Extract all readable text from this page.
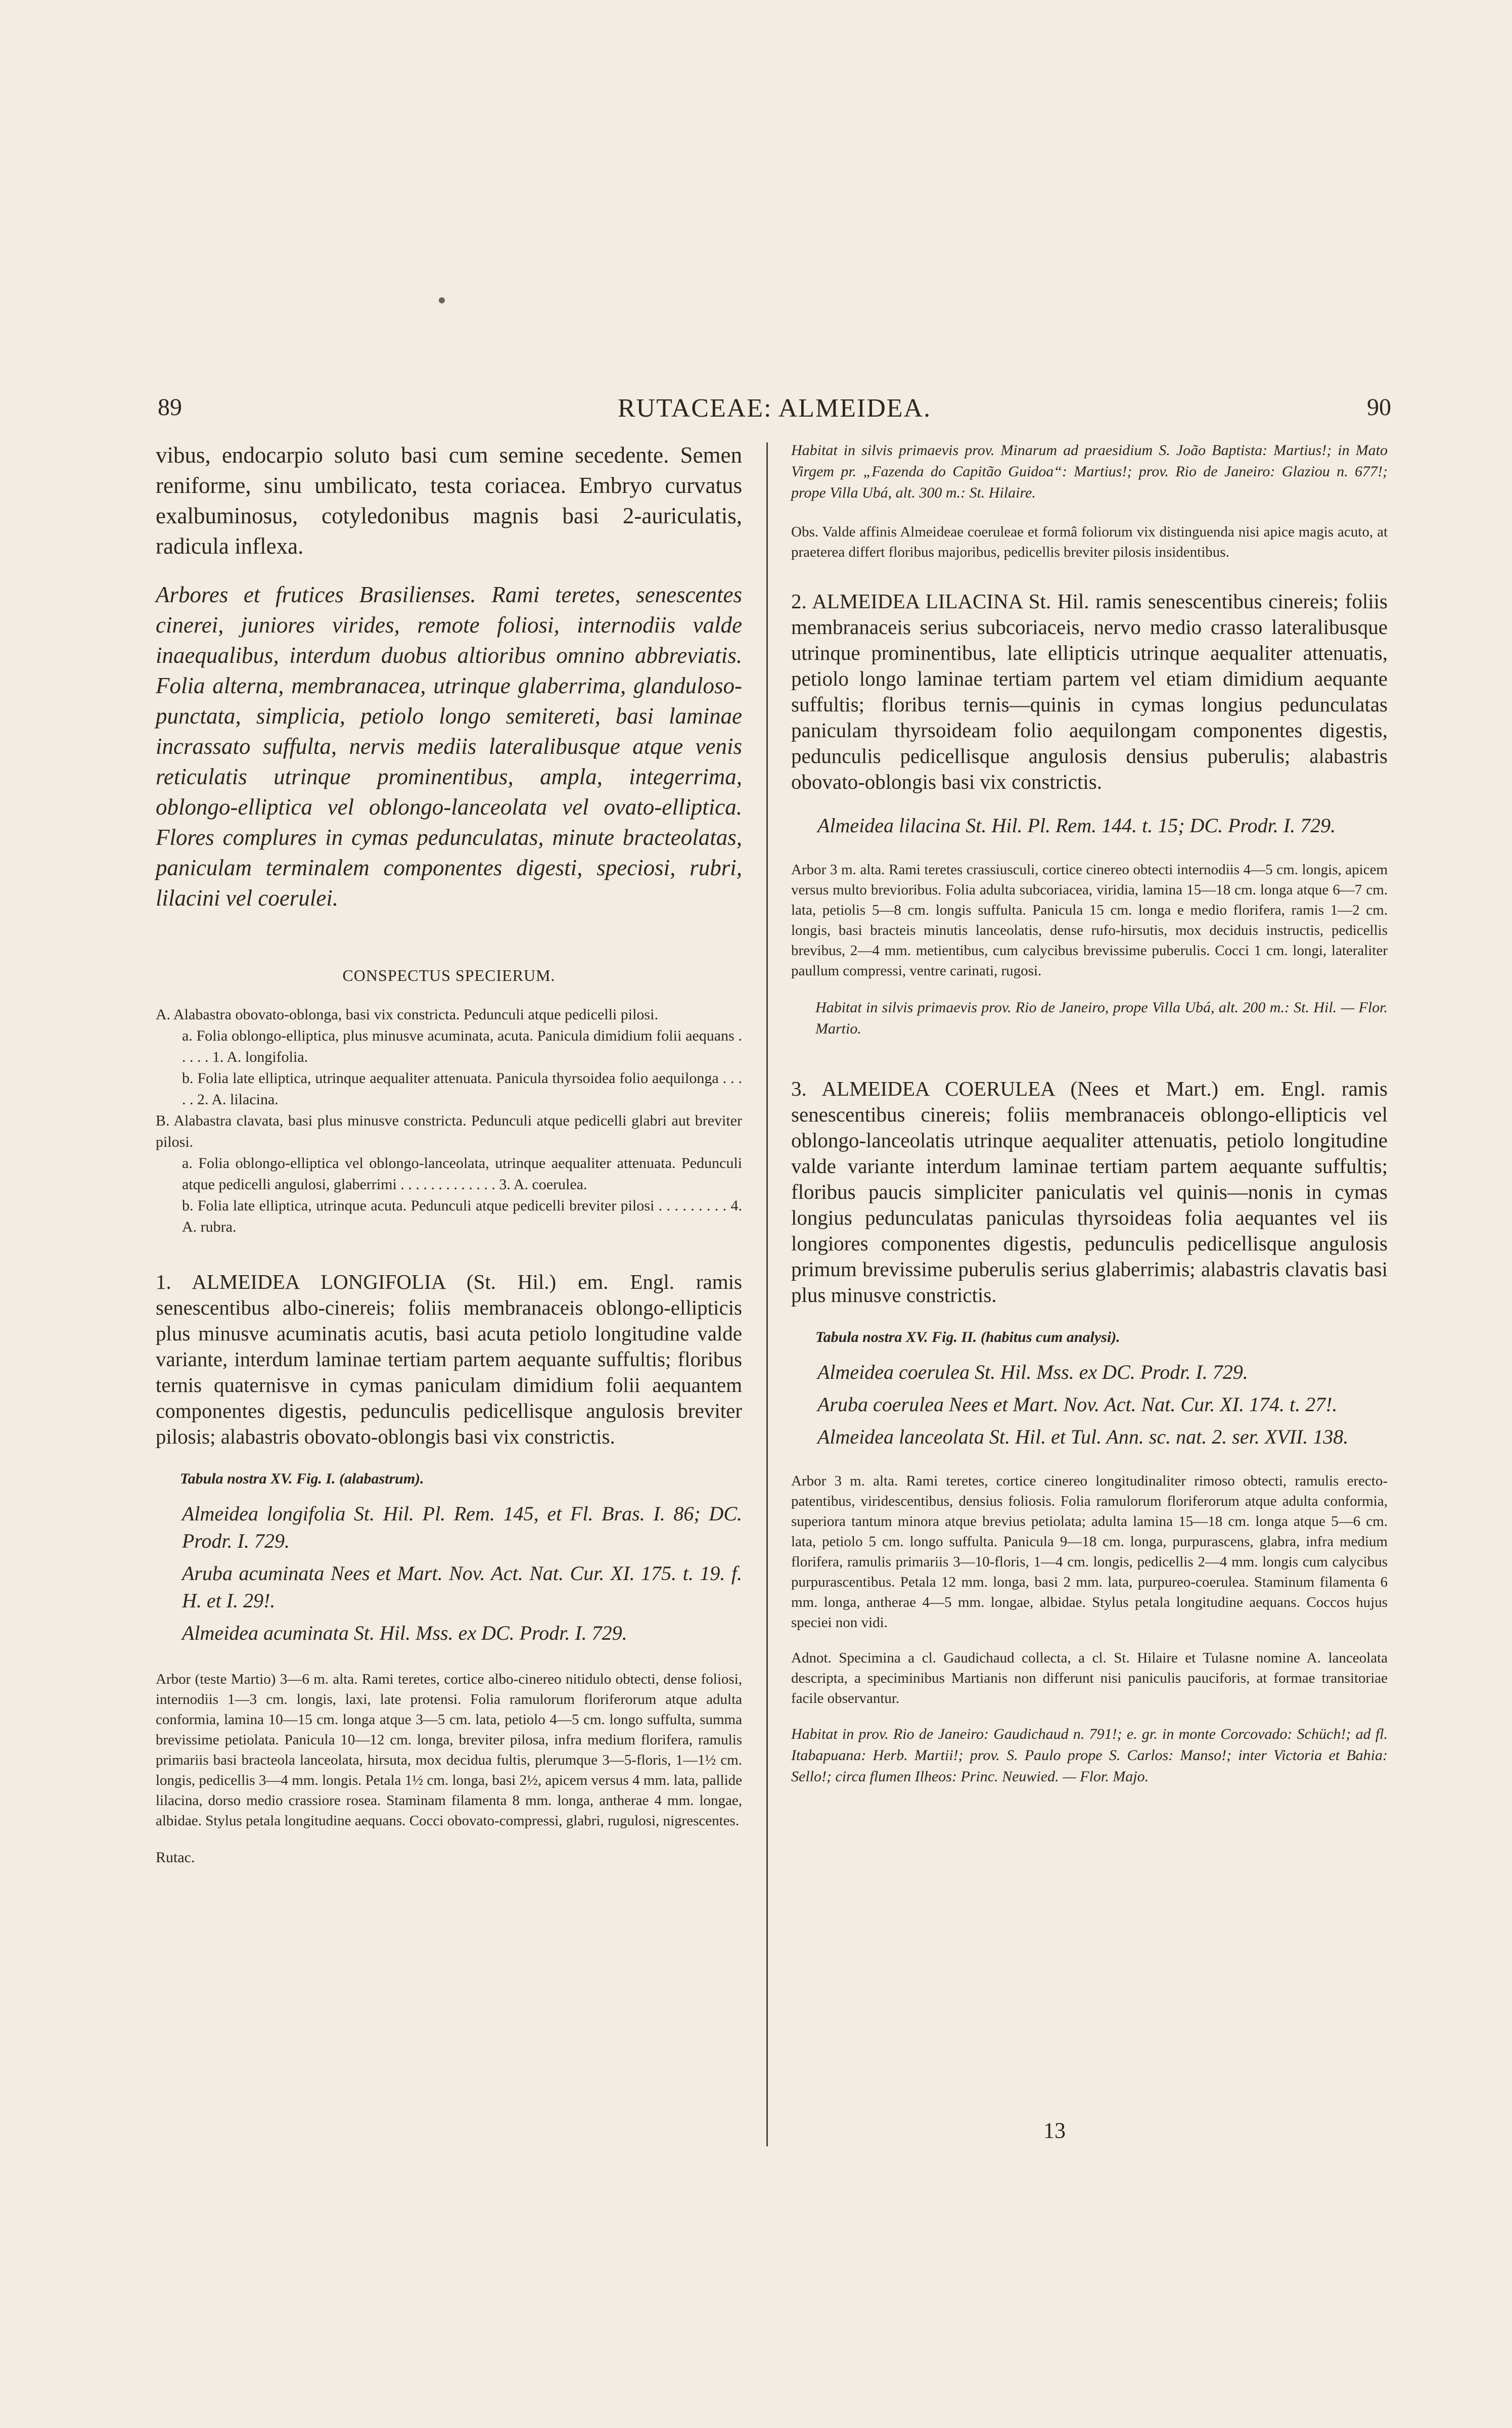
89	RUTACEAE: ALMEIDEA.	90

vibus, endocarpio soluto basi cum semine secedente. Semen reniforme, sinu umbilicato, testa coriacea. Embryo curvatus exalbuminosus, cotyledonibus magnis basi 2-auriculatis, radicula inflexa.

Arbores et frutices Brasilienses. Rami teretes, senescentes cinerei, juniores virides, remote foliosi, internodiis valde inaequalibus, interdum duobus altioribus omnino abbreviatis. Folia alterna, membranacea, utrinque glaberrima, glanduloso-punctata, simplicia, petiolo longo semitereti, basi laminae incrassato suffulta, nervis mediis lateralibusque atque venis reticulatis utrinque prominentibus, ampla, integerrima, oblongo-elliptica vel oblongo-lanceolata vel ovato-elliptica. Flores complures in cymas pedunculatas, minute bracteolatas, paniculam terminalem componentes digesti, speciosi, rubri, lilacini vel coerulei.

CONSPECTUS SPECIERUM.

A. Alabastra obovato-oblonga, basi vix constricta. Pedunculi atque pedicelli pilosi.

a. Folia oblongo-elliptica, plus minusve acuminata, acuta. Panicula dimidium folii aequans . . . . . 1. A. longifolia.

b. Folia late elliptica, utrinque aequaliter attenuata. Panicula thyrsoidea folio aequilonga . . . . . 2. A. lilacina.

B. Alabastra clavata, basi plus minusve constricta. Pedunculi atque pedicelli glabri aut breviter pilosi.

a. Folia oblongo-elliptica vel oblongo-lanceolata, utrinque aequaliter attenuata. Pedunculi atque pedicelli angulosi, glaberrimi . . . . . . . . . . . . . 3. A. coerulea.

b. Folia late elliptica, utrinque acuta. Pedunculi atque pedicelli breviter pilosi . . . . . . . . . 4. A. rubra.

1. ALMEIDEA LONGIFOLIA (St. Hil.) em. Engl. ramis senescentibus albo-cinereis; foliis membranaceis oblongo-ellipticis plus minusve acuminatis acutis, basi acuta petiolo longitudine valde variante, interdum laminae tertiam partem aequante suffultis; floribus ternis quaternisve in cymas paniculam dimidium folii aequantem componentes digestis, pedunculis pedicellisque angulosis breviter pilosis; alabastris obovato-oblongis basi vix constrictis.

Tabula nostra XV. Fig. I. (alabastrum).

Almeidea longifolia St. Hil. Pl. Rem. 145, et Fl. Bras. I. 86; DC. Prodr. I. 729.

Aruba acuminata Nees et Mart. Nov. Act. Nat. Cur. XI. 175. t. 19. f. H. et I. 29!.

Almeidea acuminata St. Hil. Mss. ex DC. Prodr. I. 729.

Arbor (teste Martio) 3—6 m. alta. Rami teretes, cortice albo-cinereo nitidulo obtecti, dense foliosi, internodiis 1—3 cm. longis, laxi, late protensi. Folia ramulorum floriferorum atque adulta conformia, lamina 10—15 cm. longa atque 3—5 cm. lata, petiolo 4—5 cm. longo suffulta, summa brevissime petiolata. Panicula 10—12 cm. longa, breviter pilosa, infra medium florifera, ramulis primariis basi bracteola lanceolata, hirsuta, mox decidua fultis, plerumque 3—5-floris, 1—1½ cm. longis, pedicellis 3—4 mm. longis. Petala 1½ cm. longa, basi 2½, apicem versus 4 mm. lata, pallide lilacina, dorso medio crassiore rosea. Staminam filamenta 8 mm. longa, antherae 4 mm. longae, albidae. Stylus petala longitudine aequans. Cocci obovato-compressi, glabri, rugulosi, nigrescentes.

Rutac.

Habitat in silvis primaevis prov. Minarum ad praesidium S. João Baptista: Martius!; in Mato Virgem pr. „Fazenda do Capitão Guidoa“: Martius!; prov. Rio de Janeiro: Glaziou n. 677!; prope Villa Ubá, alt. 300 m.: St. Hilaire.

Obs. Valde affinis Almeideae coeruleae et formâ foliorum vix distinguenda nisi apice magis acuto, at praeterea differt floribus majoribus, pedicellis breviter pilosis insidentibus.

2. ALMEIDEA LILACINA St. Hil. ramis senescentibus cinereis; foliis membranaceis serius subcoriaceis, nervo medio crasso lateralibusque utrinque prominentibus, late ellipticis utrinque aequaliter attenuatis, petiolo longo laminae tertiam partem vel etiam dimidium aequante suffultis; floribus ternis—quinis in cymas longius pedunculatas paniculam thyrsoideam folio aequilongam componentes digestis, pedunculis pedicellisque angulosis densius puberulis; alabastris obovato-oblongis basi vix constrictis.

Almeidea lilacina St. Hil. Pl. Rem. 144. t. 15; DC. Prodr. I. 729.

Arbor 3 m. alta. Rami teretes crassiusculi, cortice cinereo obtecti internodiis 4—5 cm. longis, apicem versus multo brevioribus. Folia adulta subcoriacea, viridia, lamina 15—18 cm. longa atque 6—7 cm. lata, petiolis 5—8 cm. longis suffulta. Panicula 15 cm. longa e medio florifera, ramis 1—2 cm. longis, basi bracteis minutis lanceolatis, dense rufo-hirsutis, mox deciduis instructis, pedicellis brevibus, 2—4 mm. metientibus, cum calycibus brevissime puberulis. Cocci 1 cm. longi, lateraliter paullum compressi, ventre carinati, rugosi.

Habitat in silvis primaevis prov. Rio de Janeiro, prope Villa Ubá, alt. 200 m.: St. Hil. — Flor. Martio.

3. ALMEIDEA COERULEA (Nees et Mart.) em. Engl. ramis senescentibus cinereis; foliis membranaceis oblongo-ellipticis vel oblongo-lanceolatis utrinque aequaliter attenuatis, petiolo longitudine valde variante interdum laminae tertiam partem aequante suffultis; floribus paucis simpliciter paniculatis vel quinis—nonis in cymas longius pedunculatas paniculas thyrsoideas folia aequantes vel iis longiores componentes digestis, pedunculis pedicellisque angulosis primum brevissime puberulis serius glaberrimis; alabastris clavatis basi plus minusve constrictis.

Tabula nostra XV. Fig. II. (habitus cum analysi).

Almeidea coerulea St. Hil. Mss. ex DC. Prodr. I. 729.

Aruba coerulea Nees et Mart. Nov. Act. Nat. Cur. XI. 174. t. 27!.

Almeidea lanceolata St. Hil. et Tul. Ann. sc. nat. 2. ser. XVII. 138.

Arbor 3 m. alta. Rami teretes, cortice cinereo longitudinaliter rimoso obtecti, ramulis erecto-patentibus, viridescentibus, densius foliosis. Folia ramulorum floriferorum atque adulta conformia, superiora tantum minora atque brevius petiolata; adulta lamina 15—18 cm. longa atque 5—6 cm. lata, petiolo 5 cm. longo suffulta. Panicula 9—18 cm. longa, purpurascens, glabra, infra medium florifera, ramulis primariis 3—10-floris, 1—4 cm. longis, pedicellis 2—4 mm. longis cum calycibus purpurascentibus. Petala 12 mm. longa, basi 2 mm. lata, purpureo-coerulea. Staminum filamenta 6 mm. longa, antherae 4—5 mm. longae, albidae. Stylus petala longitudine aequans. Coccos hujus speciei non vidi.

Adnot. Specimina a cl. Gaudichaud collecta, a cl. St. Hilaire et Tulasne nomine A. lanceolata descripta, a speciminibus Martianis non differunt nisi paniculis pauciforis, at formae transitoriae facile observantur.

Habitat in prov. Rio de Janeiro: Gaudichaud n. 791!; e. gr. in monte Corcovado: Schüch!; ad fl. Itabapuana: Herb. Martii!; prov. S. Paulo prope S. Carlos: Manso!; inter Victoria et Bahia: Sello!; circa flumen Ilheos: Princ. Neuwied. — Flor. Majo.

13
